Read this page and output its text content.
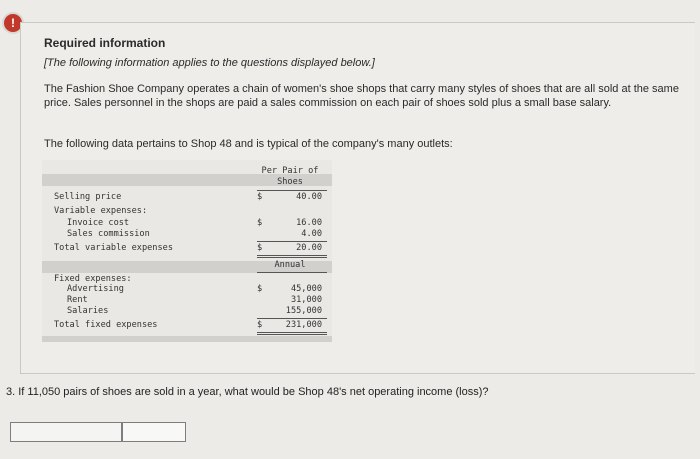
!
Required information
[The following information applies to the questions displayed below.]
The Fashion Shoe Company operates a chain of women's shoe shops that carry many styles of shoes that are all sold at the same price. Sales personnel in the shops are paid a sales commission on each pair of shoes sold plus a small base salary.
The following data pertains to Shop 48 and is typical of the company's many outlets:
Per Pair of
Shoes
Selling price	$	40.00
Variable expenses:
Invoice cost	$	16.00
Sales commission	4.00
Total variable expenses	$	20.00
Annual
Fixed expenses:
Advertising	$	45,000
Rent	31,000
Salaries	155,000
Total fixed expenses	$	231,000
3. If 11,050 pairs of shoes are sold in a year, what would be Shop 48's net operating income (loss)?
